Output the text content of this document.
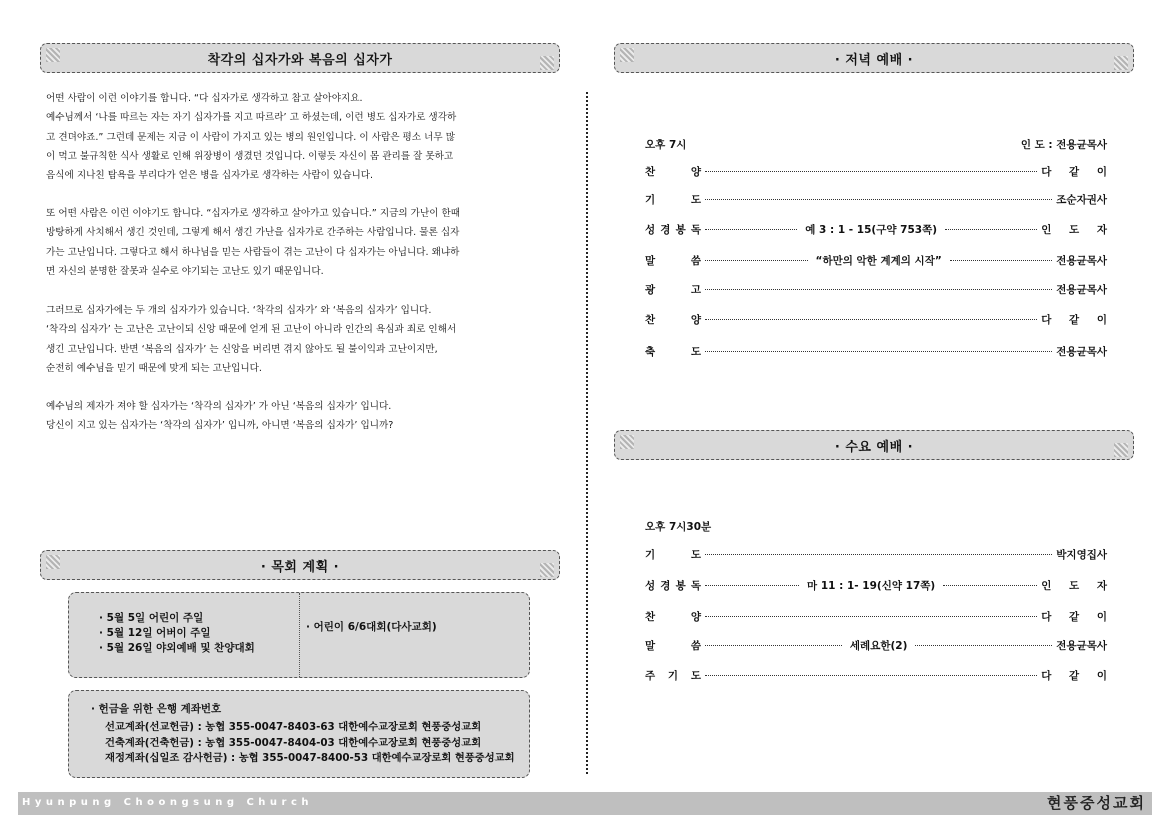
착각의 십자가와 복음의 십자가

어떤 사람이 이런 이야기를 합니다. “다 십자가로 생각하고 참고 살아야지요.

예수님께서 ‘나를 따르는 자는 자기 십자가를 지고 따르라’ 고 하셨는데, 이런 병도 십자가로 생각하

고 견뎌야죠.” 그런데 문제는 지금 이 사람이 가지고 있는 병의 원인입니다. 이 사람은 평소 너무 많

이 먹고 불규칙한 식사 생활로 인해 위장병이 생겼던 것입니다. 이렇듯 자신이 몸 관리를 잘 못하고

음식에 지나친 탐욕을 부리다가 얻은 병을 십자가로 생각하는 사람이 있습니다.

또 어떤 사람은 이런 이야기도 합니다. “십자가로 생각하고 살아가고 있습니다.” 지금의 가난이 한때

방탕하게 사치해서 생긴 것인데, 그렇게 해서 생긴 가난을 십자가로 간주하는 사람입니다. 물론 십자

가는 고난입니다. 그렇다고 해서 하나님을 믿는 사람들이 겪는 고난이 다 십자가는 아닙니다. 왜냐하

면 자신의 분명한 잘못과 실수로 야기되는 고난도 있기 때문입니다.

그러므로 십자가에는 두 개의 십자가가 있습니다. ‘착각의 십자가’ 와 ‘복음의 십자가’ 입니다.

‘착각의 십자가’ 는 고난은 고난이되 신앙 때문에 얻게 된 고난이 아니라 인간의 욕심과 죄로 인해서

생긴 고난입니다. 반면 ‘복음의 십자가’ 는 신앙을 버리면 겪지 않아도 될 불이익과 고난이지만,

순전히 예수님을 믿기 때문에 맞게 되는 고난입니다.

예수님의 제자가 져야 할 십자가는 ‘착각의 십자가’ 가 아닌 ‘복음의 십자가’ 입니다.

당신이 지고 있는 십자가는 ‘착각의 십자가’ 입니까, 아니면 ‘복음의 십자가’ 입니까?

· 목회 계획 ·
· 5월 5일 어린이 주일
· 5월 12일 어버이 주일
· 5월 26일 야외예배 및 찬양대회
· 어린이 6/6대회(다사교회)
· 헌금을 위한 은행 계좌번호
선교계좌(선교헌금) : 농협 355-0047-8403-63 대한예수교장로회 현풍중성교회
건축계좌(건축헌금) : 농협 355-0047-8404-03 대한예수교장로회 현풍중성교회
재정계좌(십일조 감사헌금) : 농협 355-0047-8400-53 대한예수교장로회 현풍중성교회
· 저녁 예배 ·
오후 7시	인 도 : 전용균목사
찬	양	다 같 이
기	도	조순자권사
성 경 봉 독	예 3 : 1 - 15(구약 753쪽)	인 도 자
말	씀	“하만의 악한 계계의 시작”	전용균목사
광	고	전용균목사
찬	양	다 같 이
축	도	전용균목사
· 수요 예배 ·
오후 7시30분
기	도	박지영집사
성 경 봉 독	마 11 : 1- 19(신약 17쪽)	인 도 자
찬	양	다 같 이
말	씀	세례요한(2)	전용균목사
주 기 도	다 같 이
Hyunpung Choongsung Church	현풍중성교회
